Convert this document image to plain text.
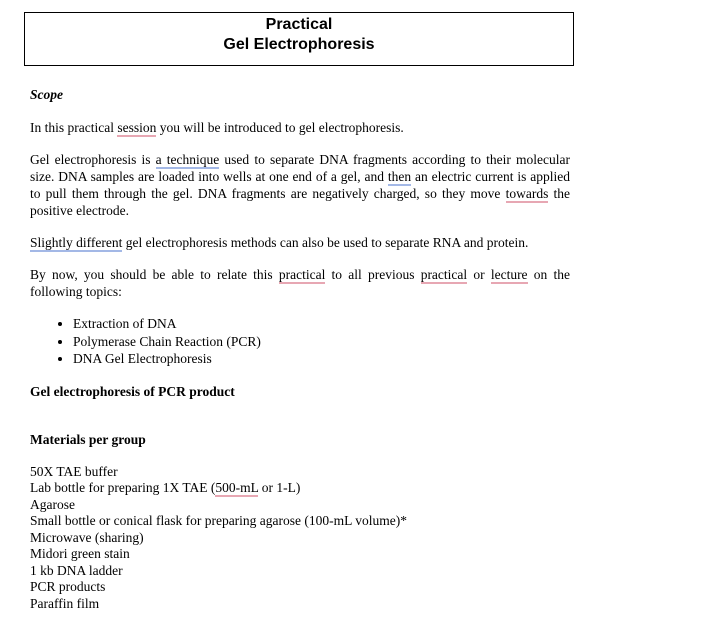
Practical
Gel Electrophoresis
Scope

In this practical session you will be introduced to gel electrophoresis.

Gel electrophoresis is a technique used to separate DNA fragments according to their molecular size. DNA samples are loaded into wells at one end of a gel, and then an electric current is applied to pull them through the gel. DNA fragments are negatively charged, so they move towards the positive electrode.

Slightly different gel electrophoresis methods can also be used to separate RNA and protein.

By now, you should be able to relate this practical to all previous practical or lecture on the following topics:

• Extraction of DNA
• Polymerase Chain Reaction (PCR)
• DNA Gel Electrophoresis
Gel electrophoresis of PCR product
Materials per group
50X TAE buffer
Lab bottle for preparing 1X TAE (500-mL or 1-L)
Agarose
Small bottle or conical flask for preparing agarose (100-mL volume)*
Microwave (sharing)
Midori green stain
1 kb DNA ladder
PCR products
Paraffin film
